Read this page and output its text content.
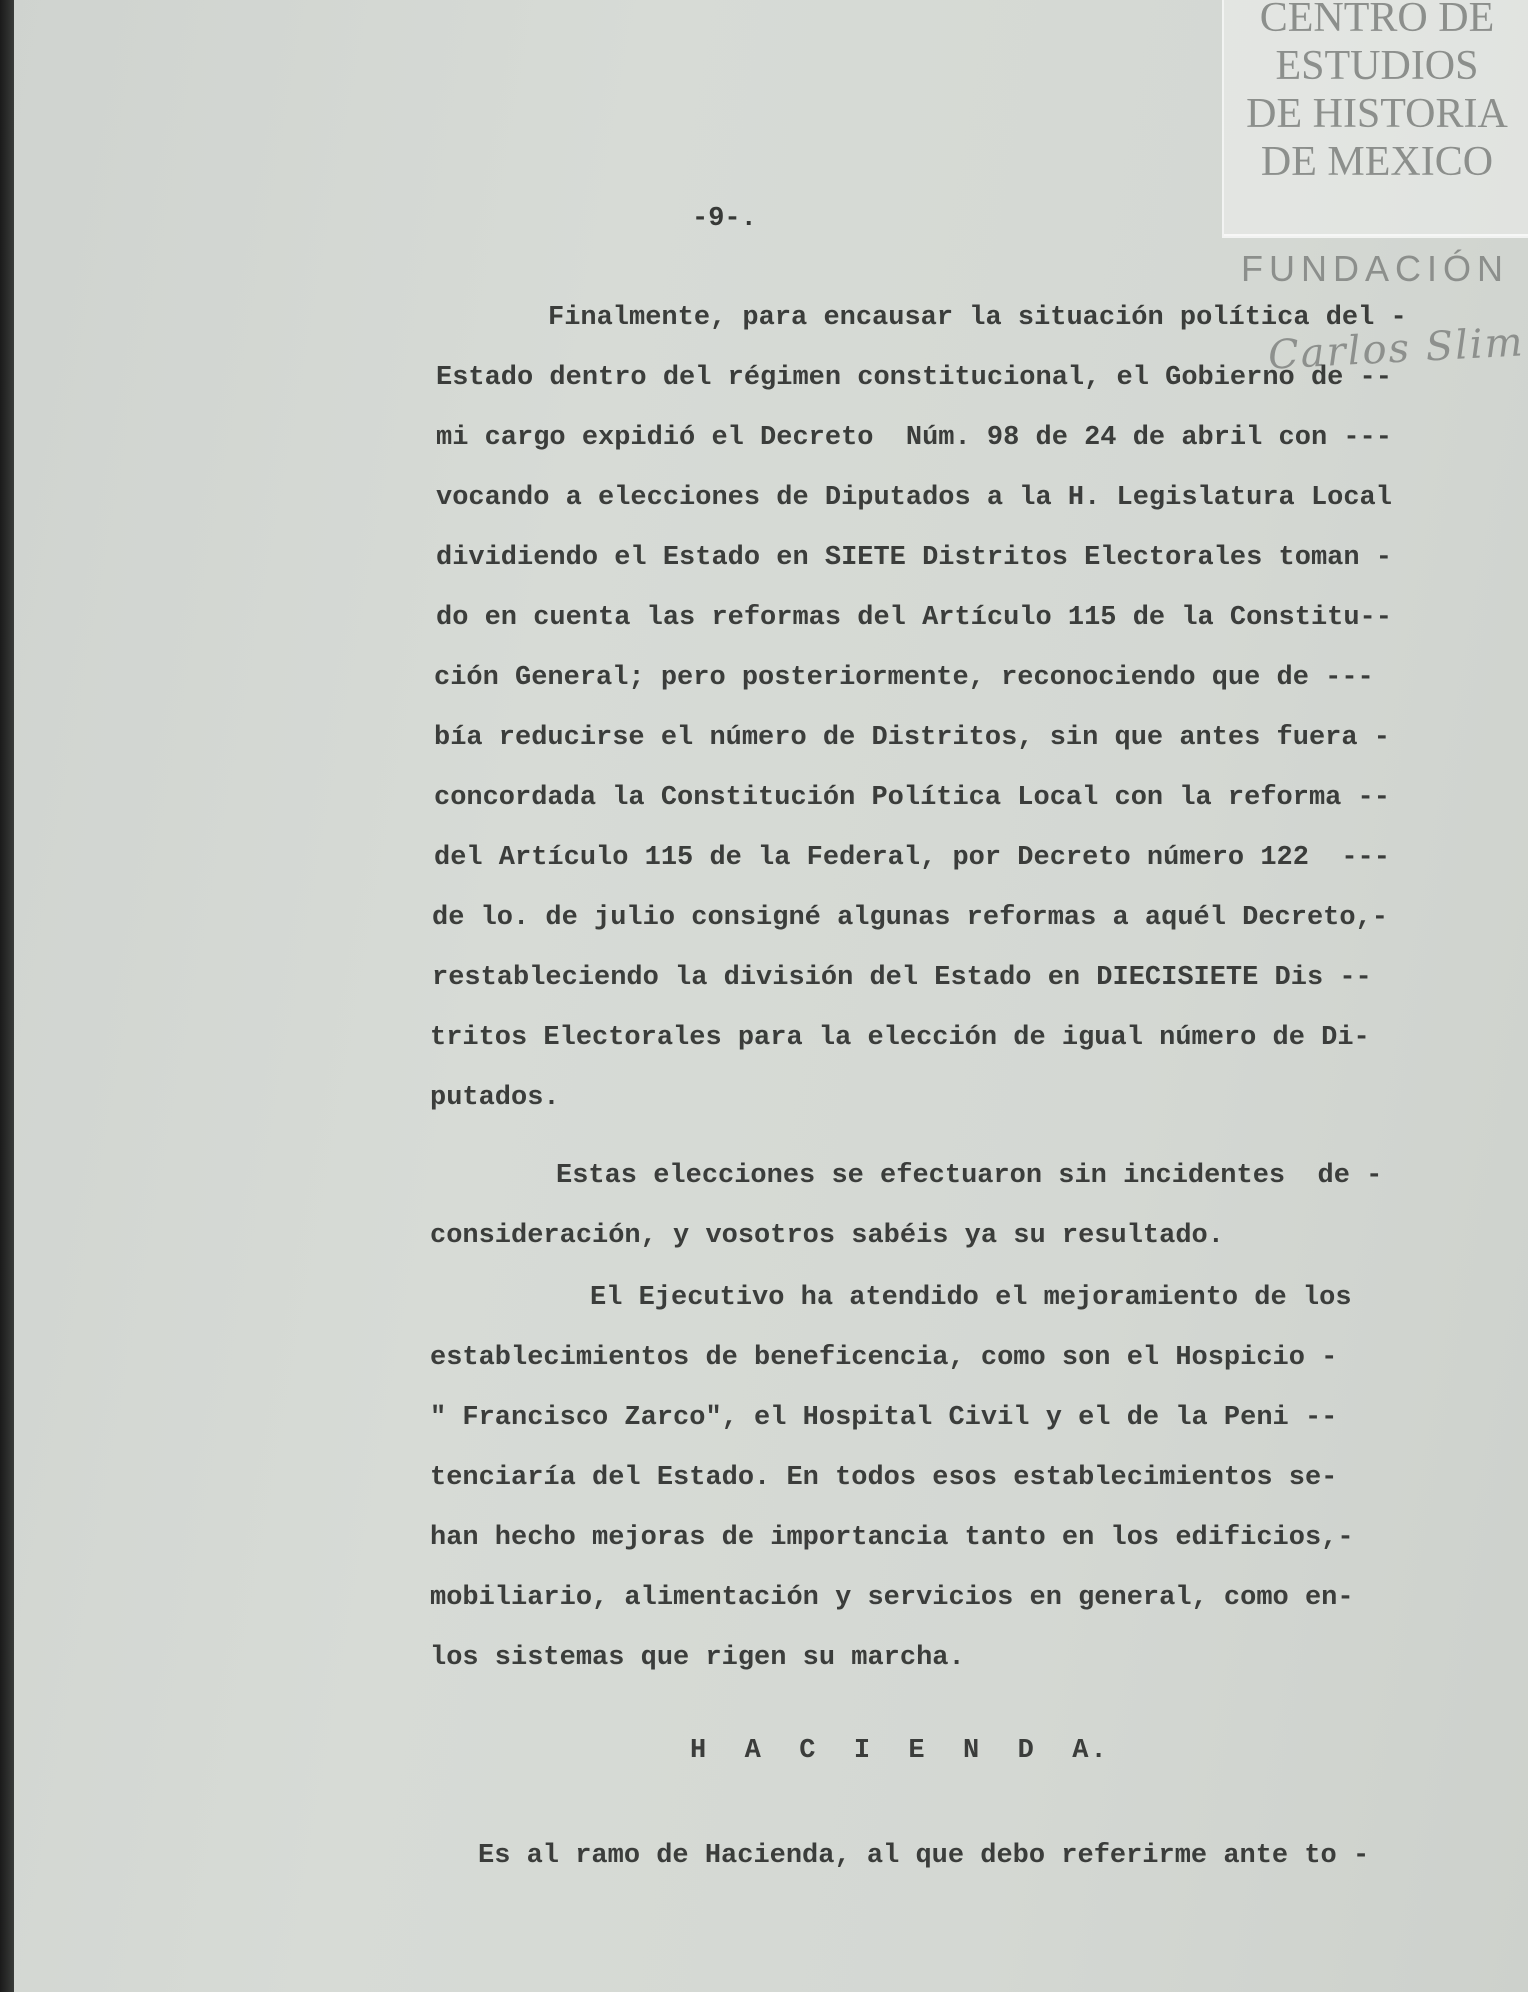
CENTRO DE
ESTUDIOS
DE HISTORIA
DE MEXICO
FUNDACIÓN
Carlos Slim
-9-.
Finalmente, para encausar la situación política del -
Estado dentro del régimen constitucional, el Gobierno de --
mi cargo expidió el Decreto  Núm. 98 de 24 de abril con ---
vocando a elecciones de Diputados a la H. Legislatura Local
dividiendo el Estado en SIETE Distritos Electorales toman -
do en cuenta las reformas del Artículo 115 de la Constitu--
ción General; pero posteriormente, reconociendo que de ---
bía reducirse el número de Distritos, sin que antes fuera -
concordada la Constitución Política Local con la reforma --
del Artículo 115 de la Federal, por Decreto número 122  ---
de lo. de julio consigné algunas reformas a aquél Decreto,-
restableciendo la división del Estado en DIECISIETE Dis --
tritos Electorales para la elección de igual número de Di-
putados.
Estas elecciones se efectuaron sin incidentes  de -
consideración, y vosotros sabéis ya su resultado.
El Ejecutivo ha atendido el mejoramiento de los
establecimientos de beneficencia, como son el Hospicio -
" Francisco Zarco", el Hospital Civil y el de la Peni --
tenciaría del Estado. En todos esos establecimientos se-
han hecho mejoras de importancia tanto en los edificios,-
mobiliario, alimentación y servicios en general, como en-
los sistemas que rigen su marcha.
H  A  C  I  E  N  D  A.
Es al ramo de Hacienda, al que debo referirme ante to -
